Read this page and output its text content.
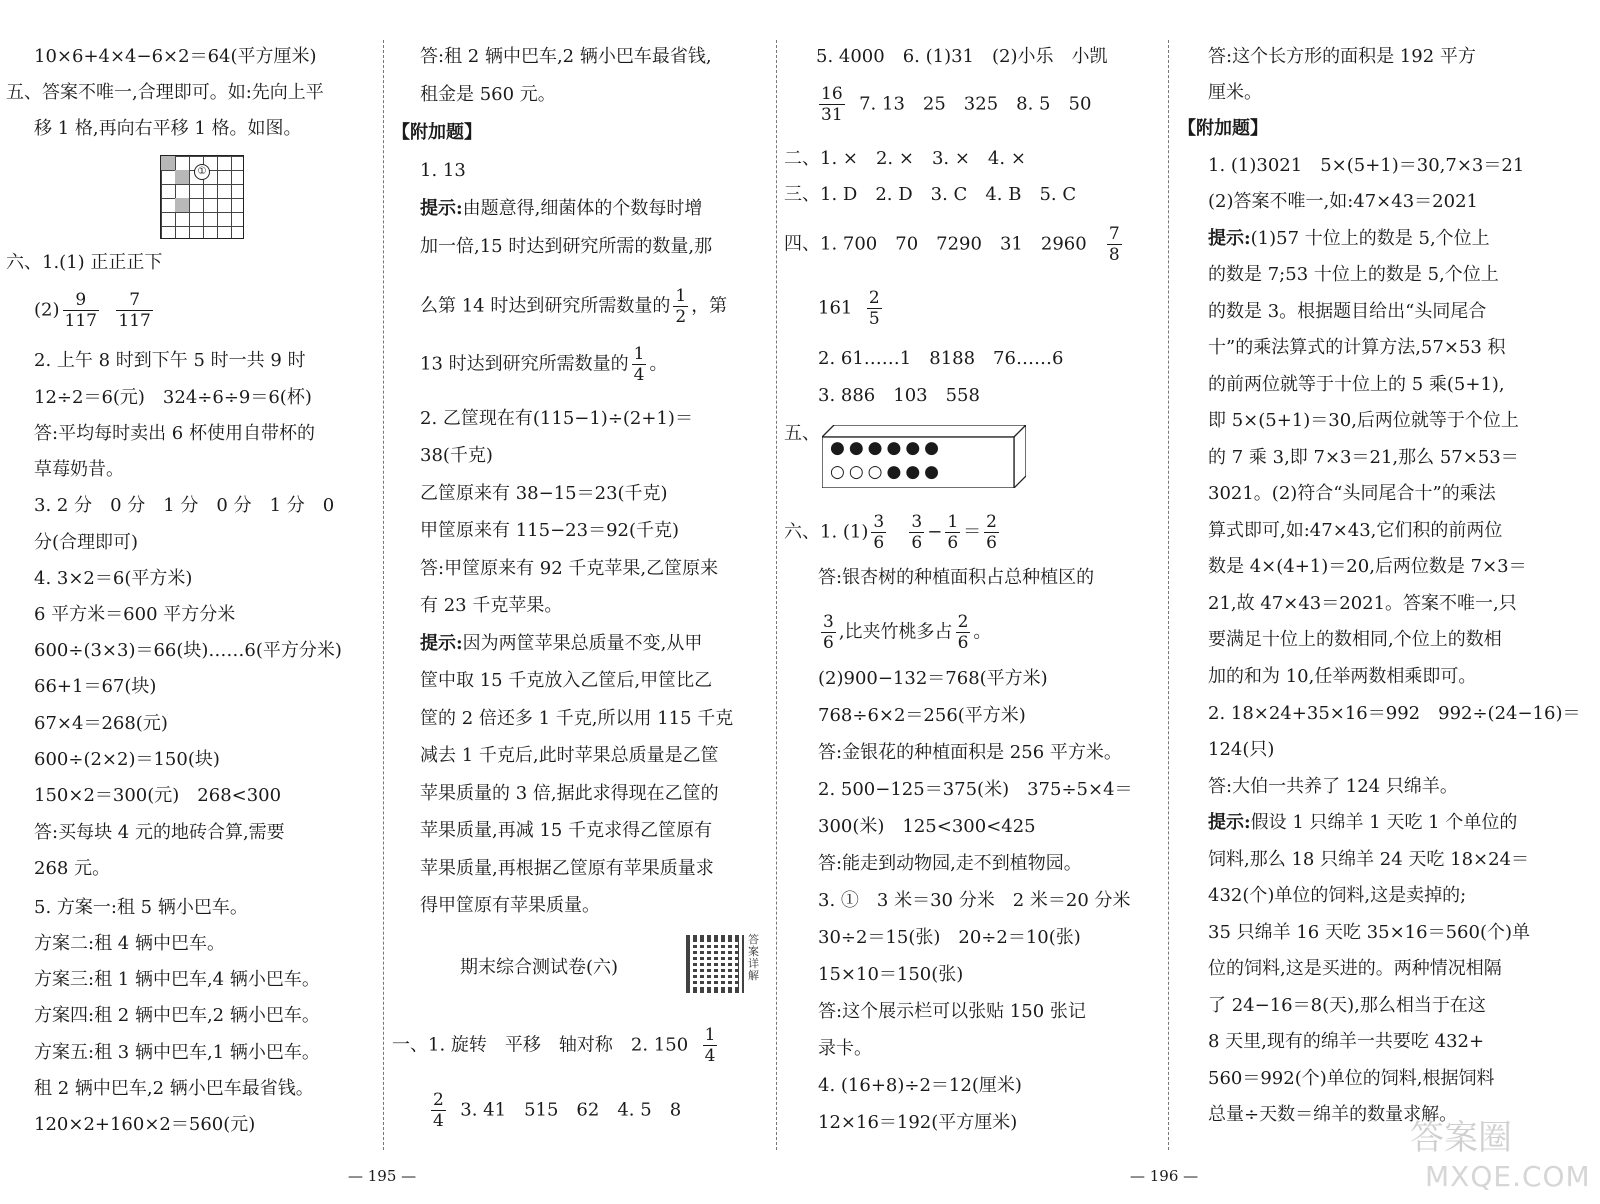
10×6+4×4−6×2＝64(平方厘米)
五、答案不唯一,合理即可。如:先向上平
移 1 格,再向右平移 1 格。如图。
六、1.(1) 正正正下
$(2) \frac{9}{117}$
$\frac{7}{117}$
2. 上午 8 时到下午 5 时一共 9 时
12÷2＝6(元)　324÷6÷9＝6(杯)
答:平均每时卖出 6 杯使用自带杯的
草莓奶昔。
3. 2 分　0 分　1 分　0 分　1 分　0
分(合理即可)
4. 3×2＝6(平方米)
6 平方米＝600 平方分米
600÷(3×3)＝66(块)……6(平方分米)
66+1＝67(块)
67×4＝268(元)
600÷(2×2)＝150(块)
150×2＝300(元)　268<300
答:买每块 4 元的地砖合算,需要
268 元。
5. 方案一:租 5 辆小巴车。
方案二:租 4 辆中巴车。
方案三:租 1 辆中巴车,4 辆小巴车。
方案四:租 2 辆中巴车,2 辆小巴车。
方案五:租 3 辆中巴车,1 辆小巴车。
租 2 辆中巴车,2 辆小巴车最省钱。
120×2+160×2＝560(元)
①
答:租 2 辆中巴车,2 辆小巴车最省钱,
租金是 560 元。
【附加题】
1. 13
提示:由题意得,细菌体的个数每时增
加一倍,15 时达到研究所需的数量,那
么第 14 时达到研究所需数量的 $\frac{1}{2}$ ，第
13 时达到研究所需数量的 $\frac{1}{4}$ 。
2. 乙筐现在有(115−1)÷(2+1)＝
38(千克)
乙筐原来有 38−15＝23(千克)
甲筐原来有 115−23＝92(千克)
答:甲筐原来有 92 千克苹果,乙筐原来
有 23 千克苹果。
提示:因为两筐苹果总质量不变,从甲
筐中取 15 千克放入乙筐后,甲筐比乙
筐的 2 倍还多 1 千克,所以用 115 千克
减去 1 千克后,此时苹果总质量是乙筐
苹果质量的 3 倍,据此求得现在乙筐的
苹果质量,再减 15 千克求得乙筐原有
苹果质量,再根据乙筐原有苹果质量求
得甲筐原有苹果质量。
期末综合测试卷(六)
一、1. 旋转　平移　轴对称　2. $150 \frac{1}{4}$
$\frac{2}{4} 3$. 41　515　62　4. 5　8
答案详解
5. 4000　6. (1)31　(2)小乐　小凯
$\frac{16}{31} 7$. 13　25　325　8. 5　50
二、1. ×　2. ×　3. ×　4. ×
三、1. D　2. D　3. C　4. B　5. C
四、1. 700　70　7290　31　$2960 \frac{7}{8}$
$161 \frac{2}{5}$
2. 61……1　8188　76……6
3. 886　103　558
五、
六、1. $(1) \frac{3}{6}$
$\frac{3}{6} - \frac{1}{6} = \frac{2}{6}$
答:银杏树的种植面积占总种植区的
$\frac{3}{6}$ ,比夹竹桃多占 $\frac{2}{6}$ 。
(2)900−132＝768(平方米)
768÷6×2＝256(平方米)
答:金银花的种植面积是 256 平方米。
2. 500−125＝375(米)　375÷5×4＝
300(米)　125<300<425
答:能走到动物园,走不到植物园。
3. ①　3 米＝30 分米　2 米＝20 分米
30÷2＝15(张)　20÷2＝10(张)
15×10＝150(张)
答:这个展示栏可以张贴 150 张记
录卡。
4. (16+8)÷2＝12(厘米)
12×16＝192(平方厘米)
●●●●●●
○○○●●●
答:这个长方形的面积是 192 平方
厘米。
【附加题】
1. (1)3021　5×(5+1)＝30,7×3＝21
(2)答案不唯一,如:47×43＝2021
提示:(1)57 十位上的数是 5,个位上
的数是 7;53 十位上的数是 5,个位上
的数是 3。根据题目给出“头同尾合
十”的乘法算式的计算方法,57×53 积
的前两位就等于十位上的 5 乘(5+1),
即 5×(5+1)＝30,后两位就等于个位上
的 7 乘 3,即 7×3＝21,那么 57×53＝
3021。(2)符合“头同尾合十”的乘法
算式即可,如:47×43,它们积的前两位
数是 4×(4+1)＝20,后两位数是 7×3＝
21,故 47×43＝2021。答案不唯一,只
要满足十位上的数相同,个位上的数相
加的和为 10,任举两数相乘即可。
2. 18×24+35×16＝992　992÷(24−16)＝
124(只)
答:大伯一共养了 124 只绵羊。
提示:假设 1 只绵羊 1 天吃 1 个单位的
饲料,那么 18 只绵羊 24 天吃 18×24＝
432(个)单位的饲料,这是卖掉的;
35 只绵羊 16 天吃 35×16＝560(个)单
位的饲料,这是买进的。两种情况相隔
了 24−16＝8(天),那么相当于在这
8 天里,现有的绵羊一共要吃 432+
560＝992(个)单位的饲料,根据饲料
总量÷天数＝绵羊的数量求解。
— 195 —	— 196 —
答案圈
MXQE.COM
